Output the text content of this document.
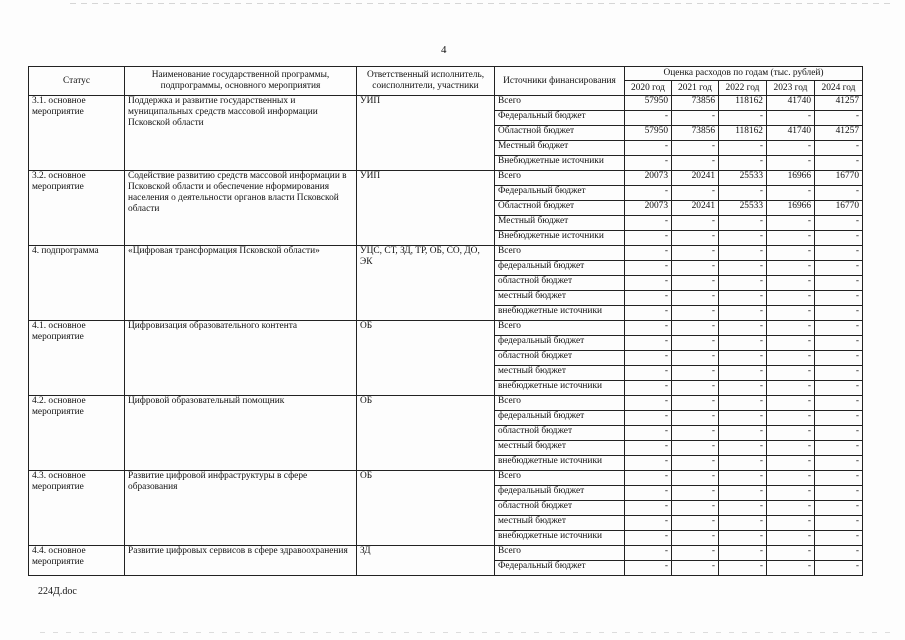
4
Статус	Наименование государственной программы, подпрограммы, основного мероприятия	Ответственный исполнитель, соисполнители, участники	Источники финансирования	Оценка расходов по годам (тыс. рублей)				
				2020 год	2021 год	2022 год	2023 год	2024 год
3.1. основное мероприятие	Поддержка и развитие государственных и муниципальных средств массовой информации Псковской области	УИП	Всего	57950	73856	118162	41740	41257
			Федеральный бюджет	-	-	-	-	-
			Областной бюджет	57950	73856	118162	41740	41257
			Местный бюджет	-	-	-	-	-
			Внебюджетные источники	-	-	-	-	-
3.2. основное мероприятие	Содействие развитию средств массовой информации в Псковской области и обеспечение нформирования населения о деятельности органов власти Псковской области	УИП	Всего	20073	20241	25533	16966	16770
			Федеральный бюджет	-	-	-	-	-
			Областной бюджет	20073	20241	25533	16966	16770
			Местный бюджет	-	-	-	-	-
			Внебюджетные источники	-	-	-	-	-
4. подпрограмма	«Цифровая трансформация Псковской области»	УЦС, СТ, ЗД, ТР, ОБ, СО, ДО, ЭК	Всего	-	-	-	-	-
			федеральный бюджет	-	-	-	-	-
			областной бюджет	-	-	-	-	-
			местный бюджет	-	-	-	-	-
			внебюджетные источники	-	-	-	-	-
4.1. основное мероприятие	Цифровизация образовательного контента	ОБ	Всего	-	-	-	-	-
			федеральный бюджет	-	-	-	-	-
			областной бюджет	-	-	-	-	-
			местный бюджет	-	-	-	-	-
			внебюджетные источники	-	-	-	-	-
4.2. основное мероприятие	Цифровой образовательный помощник	ОБ	Всего	-	-	-	-	-
			федеральный бюджет	-	-	-	-	-
			областной бюджет	-	-	-	-	-
			местный бюджет	-	-	-	-	-
			внебюджетные источники	-	-	-	-	-
4.3. основное мероприятие	Развитие цифровой инфраструктуры в сфере образования	ОБ	Всего	-	-	-	-	-
			федеральный бюджет	-	-	-	-	-
			областной бюджет	-	-	-	-	-
			местный бюджет	-	-	-	-	-
			внебюджетные источники	-	-	-	-	-
4.4. основное мероприятие	Развитие цифровых сервисов в сфере здравоохранения	ЗД	Всего	-	-	-	-	-
			Федеральный бюджет	-	-	-	-	-
224Д.doc
